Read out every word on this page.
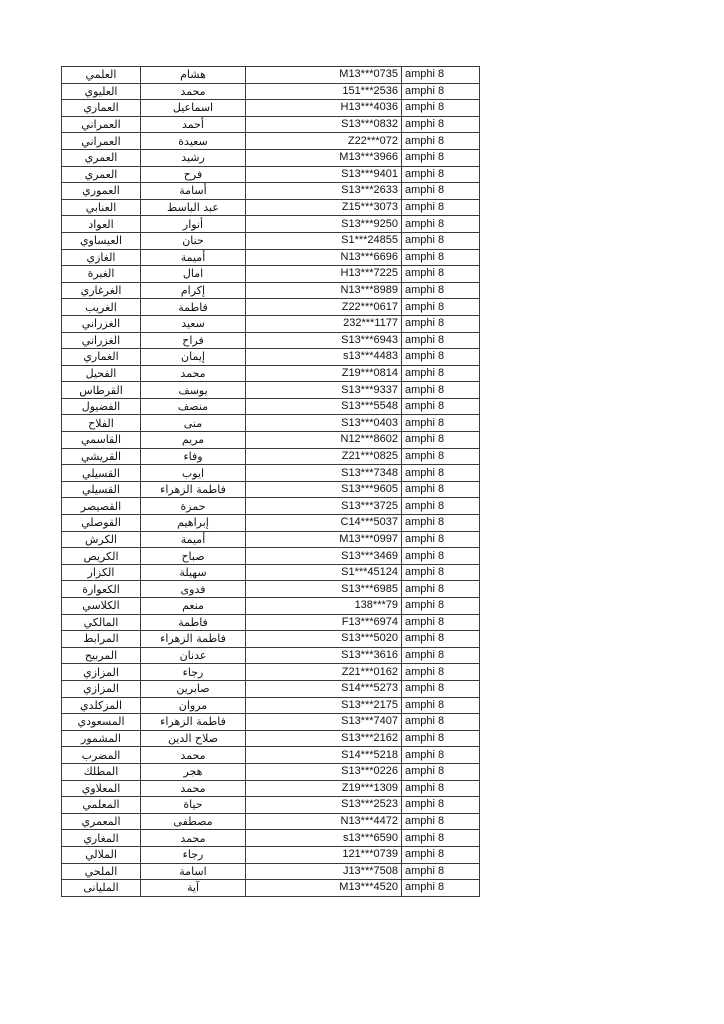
العلمي	هشام	M13***0735	amphi 8
العليوي	محمد	151***2536	amphi 8
العماري	اسماعيل	H13***4036	amphi 8
العمراني	أحمد	S13***0832	amphi 8
العمراني	سعيدة	Z22***072	amphi 8
العمري	رشيد	M13***3966	amphi 8
العمري	فرح	S13***9401	amphi 8
العموري	أسامة	S13***2633	amphi 8
العنابي	عبد الباسط	Z15***3073	amphi 8
العواد	أنوار	S13***9250	amphi 8
العيساوي	حنان	S1***24855	amphi 8
الغازي	أميمة	N13***6696	amphi 8
الغبرة	امال	H13***7225	amphi 8
الغرغاري	إكرام	N13***8989	amphi 8
الغريب	فاطمة	Z22***0617	amphi 8
الغزراني	سعيد	232***1177	amphi 8
الغزراني	فراح	S13***6943	amphi 8
الغماري	إيمان	s13***4483	amphi 8
الفحيل	محمد	Z19***0814	amphi 8
القرطاس	يوسف	S13***9337	amphi 8
الفضيول	منصف	S13***5548	amphi 8
الفلاح	منى	S13***0403	amphi 8
القاسمي	مريم	N12***8602	amphi 8
القريشي	وفاء	Z21***0825	amphi 8
القسيلي	ايوب	S13***7348	amphi 8
القسيلي	فاطمة الزهراء	S13***9605	amphi 8
القصيصر	حمزة	S13***3725	amphi 8
القوصلي	إبراهيم	C14***5037	amphi 8
الكرش	أميمة	M13***0997	amphi 8
الكريص	صباح	S13***3469	amphi 8
الكزار	سهيلة	S1***45124	amphi 8
الكعوارة	فدوى	S13***6985	amphi 8
الكلاسي	منعم	138***79	amphi 8
المالكي	فاطمة	F13***6974	amphi 8
المرابط	فاطمة الزهراء	S13***5020	amphi 8
المربيح	عدنان	S13***3616	amphi 8
المزازي	رجاء	Z21***0162	amphi 8
المزازي	صابرين	S14***5273	amphi 8
المزكلدي	مروان	S13***2175	amphi 8
المسعودي	فاطمة الزهراء	S13***7407	amphi 8
المشمور	صلاح الدين	S13***2162	amphi 8
المضرب	محمد	S14***5218	amphi 8
المطلك	هجر	S13***0226	amphi 8
المعلاوي	محمد	Z19***1309	amphi 8
المعلمي	حياة	S13***2523	amphi 8
المعمري	مصطفى	N13***4472	amphi 8
المغاري	محمد	s13***6590	amphi 8
الملالي	رجاء	121***0739	amphi 8
الملحي	اسامة	J13***7508	amphi 8
المليانى	آية	M13***4520	amphi 8
